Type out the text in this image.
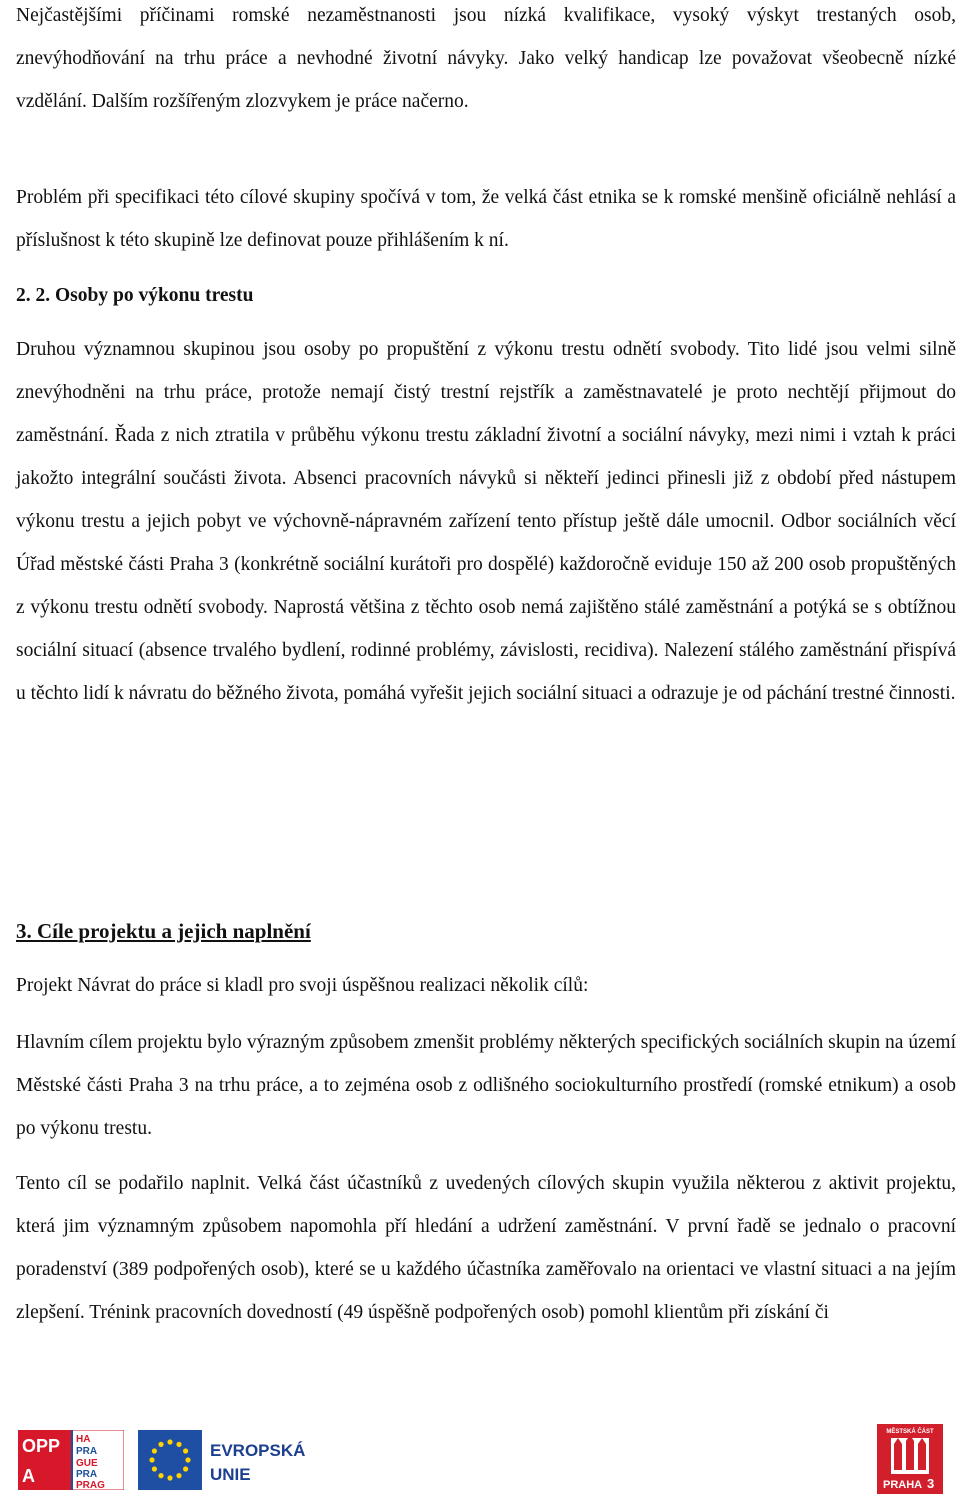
Nejčastějšími příčinami romské nezaměstnanosti jsou nízká kvalifikace, vysoký výskyt trestaných osob, znevýhodňování na trhu práce a nevhodné životní návyky. Jako velký handicap lze považovat všeobecně nízké vzdělání. Dalším rozšířeným zlozvykem je práce načerno.

Problém při specifikaci této cílové skupiny spočívá v tom, že velká část etnika se k romské menšině oficiálně nehlásí a příslušnost k této skupině lze definovat pouze přihlášením k ní.

2. 2. Osoby po výkonu trestu

Druhou významnou skupinou jsou osoby po propuštění z výkonu trestu odnětí svobody. Tito lidé jsou velmi silně znevýhodněni na trhu práce, protože nemají čistý trestní rejstřík a zaměstnavatelé je proto nechtějí přijmout do zaměstnání. Řada z nich ztratila v průběhu výkonu trestu základní životní a sociální návyky, mezi nimi i vztah k práci jakožto integrální součásti života. Absenci pracovních návyků si někteří jedinci přinesli již z období před nástupem výkonu trestu a jejich pobyt ve výchovně-nápravném zařízení tento přístup ještě dále umocnil. Odbor sociálních věcí Úřad městské části Praha 3 (konkrétně sociální kurátoři pro dospělé) každoročně eviduje 150 až 200 osob propuštěných z výkonu trestu odnětí svobody. Naprostá většina z těchto osob nemá zajištěno stálé zaměstnání a potýká se s obtížnou sociální situací (absence trvalého bydlení, rodinné problémy, závislosti, recidiva). Nalezení stálého zaměstnání přispívá u těchto lidí k návratu do běžného života, pomáhá vyřešit jejich sociální situaci a odrazuje je od páchání trestné činnosti.

3. Cíle projektu a jejich naplnění

Projekt Návrat do práce si kladl pro svoji úspěšnou realizaci několik cílů:

Hlavním cílem projektu bylo výrazným způsobem zmenšit problémy některých specifických sociálních skupin na území Městské části Praha 3 na trhu práce, a to zejména osob z odlišného sociokulturního prostředí (romské etnikum) a osob po výkonu trestu.

Tento cíl se podařilo naplnit. Velká část účastníků z uvedených cílových skupin využila některou z aktivit projektu, která jim významným způsobem napomohla pří hledání a udržení zaměstnání. V první řadě se jednalo o pracovní poradenství (389 podpořených osob), které se u každého účastníka zaměřovalo na orientaci ve vlastní situaci a na jejím zlepšení. Trénink pracovních dovedností (49 úspěšně podpořených osob) pomohl klientům při získání či

OPP
A
HA
PRA
GUE
PRA
PRAG
EVROPSKÁ
UNIE
MĚSTSKÁ ČÁST
PRAHA 3
